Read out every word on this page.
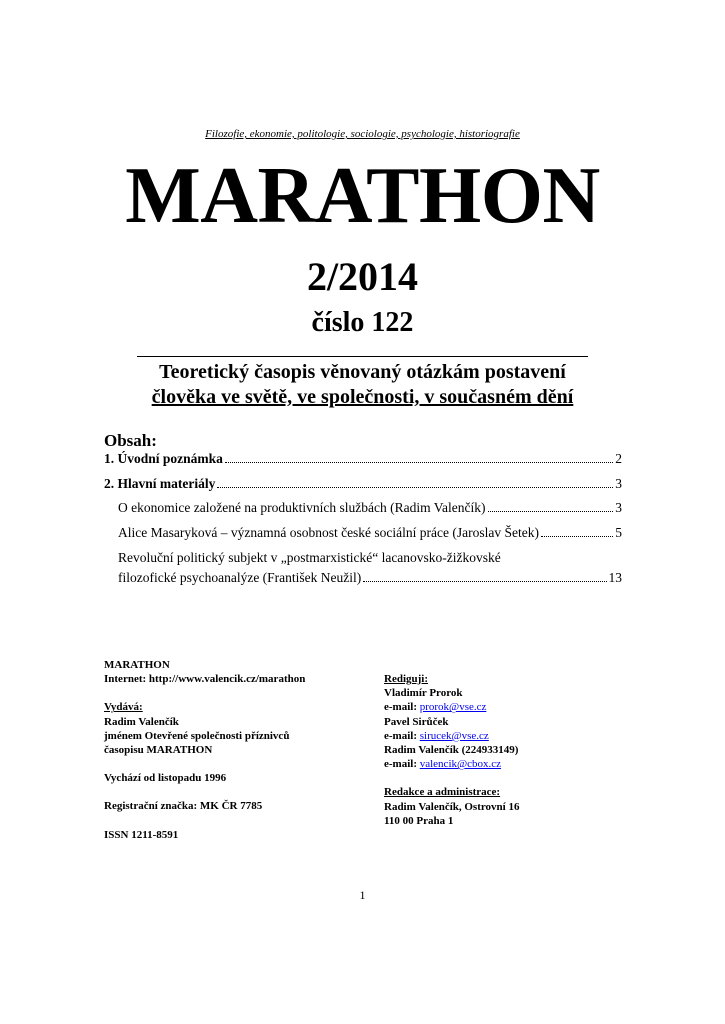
Filozofie, ekonomie, politologie, sociologie, psychologie, historiografie
MARATHON
2/2014
číslo 122
Teoretický časopis věnovaný otázkám postavení
člověka ve světě, ve společnosti, v současném dění
Obsah:
1. Úvodní poznámka	2
2. Hlavní materiály	3
O ekonomice založené na produktivních službách (Radim Valenčík)	3
Alice Masaryková – významná osobnost české sociální práce (Jaroslav Šetek)	5
Revoluční politický subjekt v „postmarxistické“ lacanovsko-žižkovské
filozofické psychoanalýze (František Neužil)	13
MARATHON
Internet: http://www.valencik.cz/marathon
Vydává:
Radim Valenčík
jménem Otevřené společnosti příznivců
časopisu MARATHON
Vychází od listopadu 1996
Registrační značka: MK ČR 7785
ISSN 1211-8591
Rediguji:
Vladimír Prorok
e-mail: prorok@vse.cz
Pavel Sirůček
e-mail: sirucek@vse.cz
Radim Valenčík (224933149)
e-mail: valencik@cbox.cz
Redakce a administrace:
Radim Valenčík, Ostrovní 16
110 00 Praha 1
1
